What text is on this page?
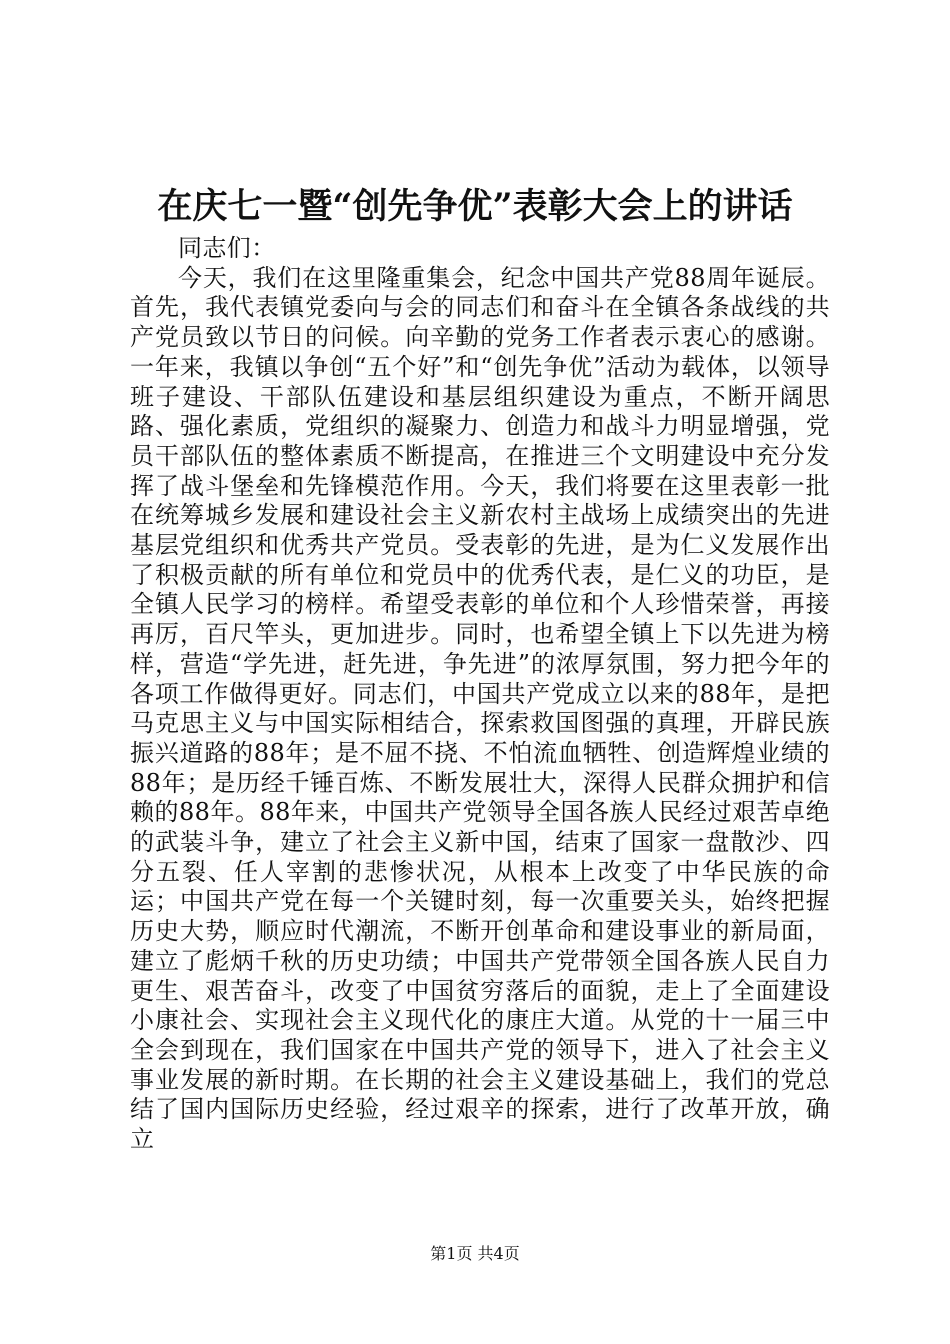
在庆七一暨“创先争优”表彰大会上的讲话

同志们：

今天，我们在这里隆重集会，纪念中国共产党88周年诞辰。首先，我代表镇党委向与会的同志们和奋斗在全镇各条战线的共产党员致以节日的问候。向辛勤的党务工作者表示衷心的感谢。一年来，我镇以争创“五个好”和“创先争优”活动为载体，以领导班子建设、干部队伍建设和基层组织建设为重点，不断开阔思路、强化素质，党组织的凝聚力、创造力和战斗力明显增强，党员干部队伍的整体素质不断提高，在推进三个文明建设中充分发挥了战斗堡垒和先锋模范作用。今天，我们将要在这里表彰一批在统筹城乡发展和建设社会主义新农村主战场上成绩突出的先进基层党组织和优秀共产党员。受表彰的先进，是为仁义发展作出了积极贡献的所有单位和党员中的优秀代表，是仁义的功臣，是全镇人民学习的榜样。希望受表彰的单位和个人珍惜荣誉，再接再厉，百尺竿头，更加进步。同时，也希望全镇上下以先进为榜样，营造“学先进，赶先进，争先进”的浓厚氛围，努力把今年的各项工作做得更好。同志们，中国共产党成立以来的88年，是把马克思主义与中国实际相结合，探索救国图强的真理，开辟民族振兴道路的88年；是不屈不挠、不怕流血牺牲、创造辉煌业绩的88年；是历经千锤百炼、不断发展壮大，深得人民群众拥护和信赖的88年。88年来，中国共产党领导全国各族人民经过艰苦卓绝的武装斗争，建立了社会主义新中国，结束了国家一盘散沙、四分五裂、任人宰割的悲惨状况，从根本上改变了中华民族的命运；中国共产党在每一个关键时刻，每一次重要关头，始终把握历史大势，顺应时代潮流，不断开创革命和建设事业的新局面，建立了彪炳千秋的历史功绩；中国共产党带领全国各族人民自力更生、艰苦奋斗，改变了中国贫穷落后的面貌，走上了全面建设小康社会、实现社会主义现代化的康庄大道。从党的十一届三中全会到现在，我们国家在中国共产党的领导下，进入了社会主义事业发展的新时期。在长期的社会主义建设基础上，我们的党总结了国内国际历史经验，经过艰辛的探索，进行了改革开放，确立

第1页 共4页
